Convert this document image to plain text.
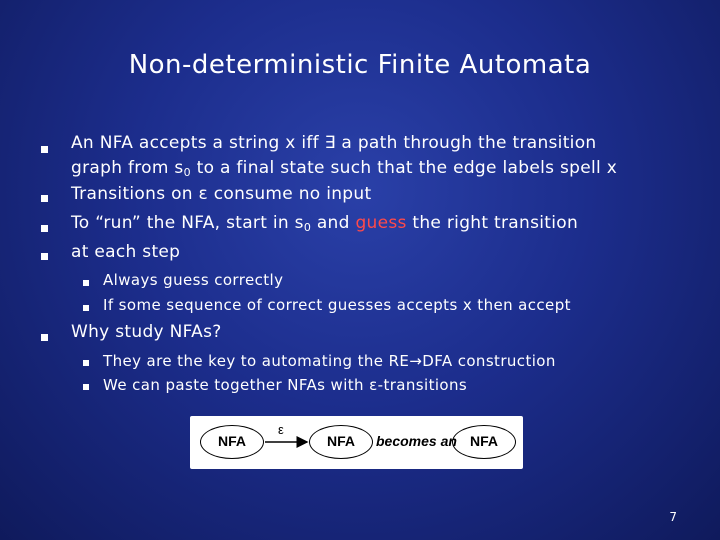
Non-deterministic Finite Automata
An NFA accepts a string x iff ∃ a path through the transition
graph from $s_0$ to a final state such that the edge labels spell x
Transitions on ε consume no input
To “run” the NFA, start in $s_0$ and guess the right transition
at each step
Always guess correctly
If some sequence of correct guesses accepts x then accept
Why study NFAs?
They are the key to automating the RE→DFA construction
We can paste together NFAs with ε-transitions
NFA
ε
NFA	becomes an NFA
7
